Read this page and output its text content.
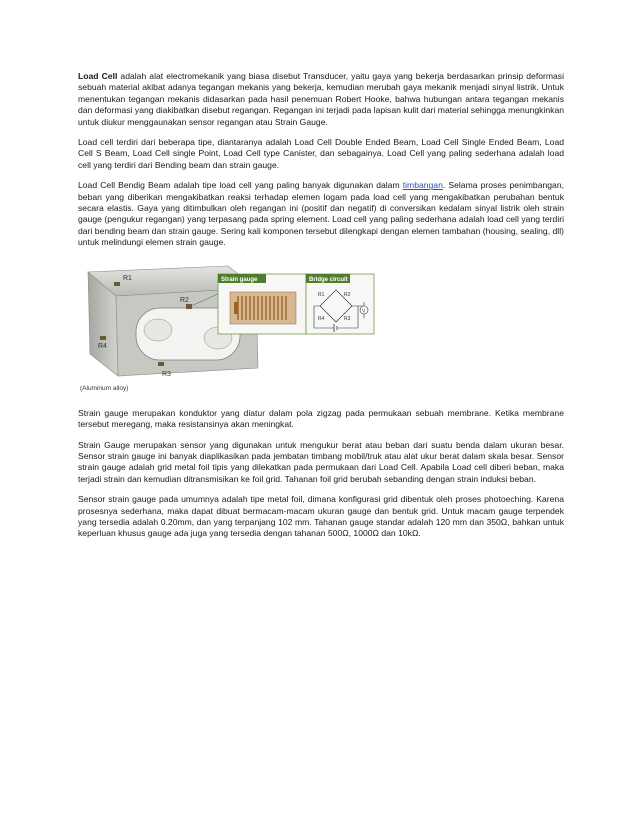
Load Cell adalah alat electromekanik yang biasa disebut Transducer, yaitu gaya yang bekerja berdasarkan prinsip deformasi sebuah material akibat adanya tegangan mekanis yang bekerja, kemudian merubah gaya mekanik menjadi sinyal listrik. Untuk menentukan tegangan mekanis didasarkan pada hasil penemuan Robert Hooke, bahwa hubungan antara tegangan mekanis dan deformasi yang diakibatkan disebut regangan. Regangan ini terjadi pada lapisan kulit dari material sehingga menungkinkan untuk diukur menggaunakan sensor regangan atau Strain Gauge.

Load cell terdiri dari beberapa tipe, diantaranya adalah Load Cell Double Ended Beam, Load Cell Single Ended Beam, Load Cell S Beam, Load Cell single Point, Load Cell type Canister, dan sebagainya. Load Cell yang paling sederhana adalah load cell yang terdiri dari Bending beam dan strain gauge.

Load Cell Bendig Beam adalah tipe load cell yang paling banyak digunakan dalam timbangan. Selama proses penimbangan, beban yang diberikan mengakibatkan reaksi terhadap elemen logam pada load cell yang mengakibatkan perubahan bentuk secara elastis. Gaya yang ditimbulkan oleh regangan ini (positif dan negatif) di conversikan kedalam sinyal listrik oleh strain gauge (pengukur regangan) yang terpasang pada spring element. Load cell yang paling sederhana adalah load cell yang terdiri dari bending beam dan strain gauge. Sering kali komponen tersebut dilengkapi dengan elemen tambahan (housing, sealing, dll) untuk melindungi elemen strain gauge.

R1
R2
R4
R3
(Aluminum alloy)
Strain gauge	Bridge circuit
V
R1	R2
R3
R4

Strain gauge merupakan konduktor yang diatur dalam pola zigzag pada permukaan sebuah membrane. Ketika membrane tersebut meregang, maka resistansinya akan meningkat.

Strain Gauge merupakan sensor yang digunakan untuk mengukur berat atau beban dari suatu benda dalam ukuran besar. Sensor strain gauge ini banyak diaplikasikan pada jembatan timbang mobil/truk atau alat ukur berat dalam skala besar. Sensor strain gauge adalah grid metal foil tipis yang dilekatkan pada permukaan dari Load Cell. Apabila Load cell diberi beban, maka terjadi strain dan kemudian ditransmisikan ke foil grid. Tahanan foil grid berubah sebanding dengan strain induksi beban.

Sensor strain gauge pada umumnya adalah tipe metal foil, dimana konfigurasi grid dibentuk oleh proses photoeching. Karena prosesnya sederhana, maka dapat dibuat bermacam-macam ukuran gauge dan bentuk grid. Untuk macam gauge terpendek yang tersedia adalah 0.20mm, dan yang terpanjang 102 mm. Tahanan gauge standar adalah 120 mm dan 350Ω, bahkan untuk keperluan khusus gauge ada juga yang tersedia dengan tahanan 500Ω, 1000Ω dan 10kΩ.
